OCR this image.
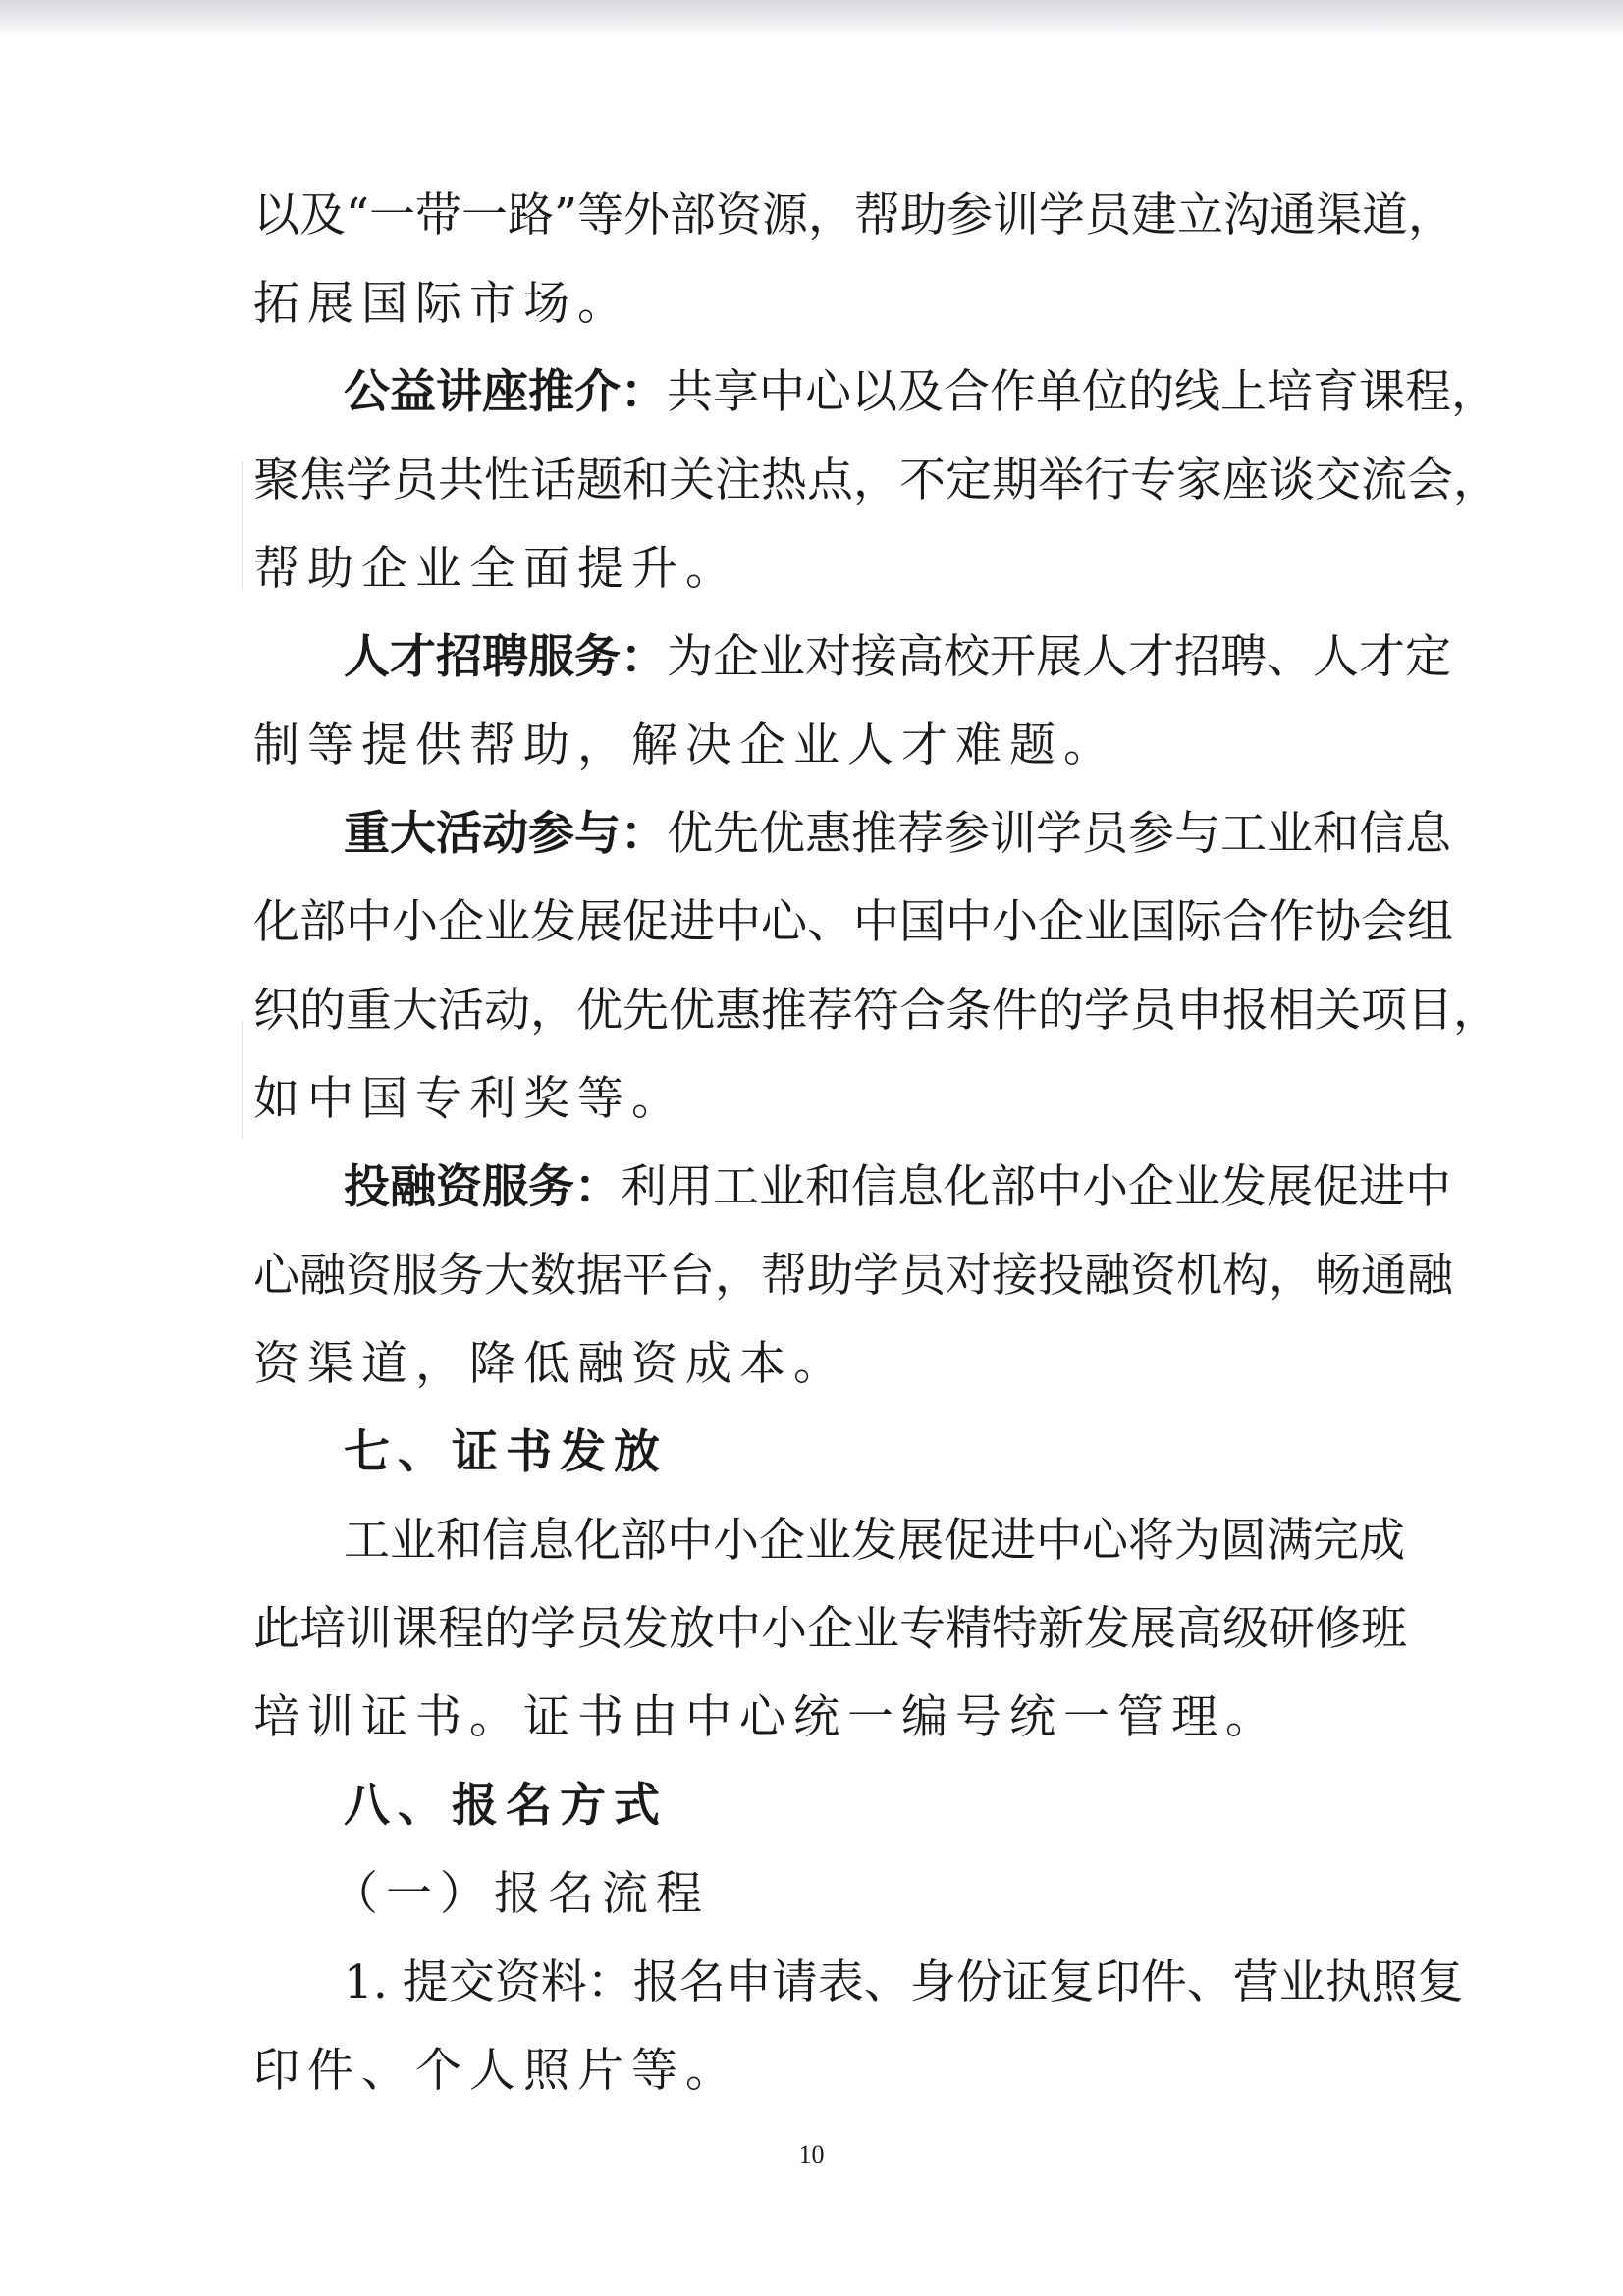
以及“一带一路”等外部资源，帮助参训学员建立沟通渠道，
拓展国际市场。
公益讲座推介：共享中心以及合作单位的线上培育课程，
聚焦学员共性话题和关注热点，不定期举行专家座谈交流会，
帮助企业全面提升。
人才招聘服务：为企业对接高校开展人才招聘、人才定
制等提供帮助，解决企业人才难题。
重大活动参与：优先优惠推荐参训学员参与工业和信息
化部中小企业发展促进中心、中国中小企业国际合作协会组
织的重大活动，优先优惠推荐符合条件的学员申报相关项目，
如中国专利奖等。
投融资服务：利用工业和信息化部中小企业发展促进中
心融资服务大数据平台，帮助学员对接投融资机构，畅通融
资渠道，降低融资成本。
七、证书发放
工业和信息化部中小企业发展促进中心将为圆满完成
此培训课程的学员发放中小企业专精特新发展高级研修班
培训证书。证书由中心统一编号统一管理。
八、报名方式
（一）报名流程
1. 提交资料：报名申请表、身份证复印件、营业执照复
印件、个人照片等。
10
